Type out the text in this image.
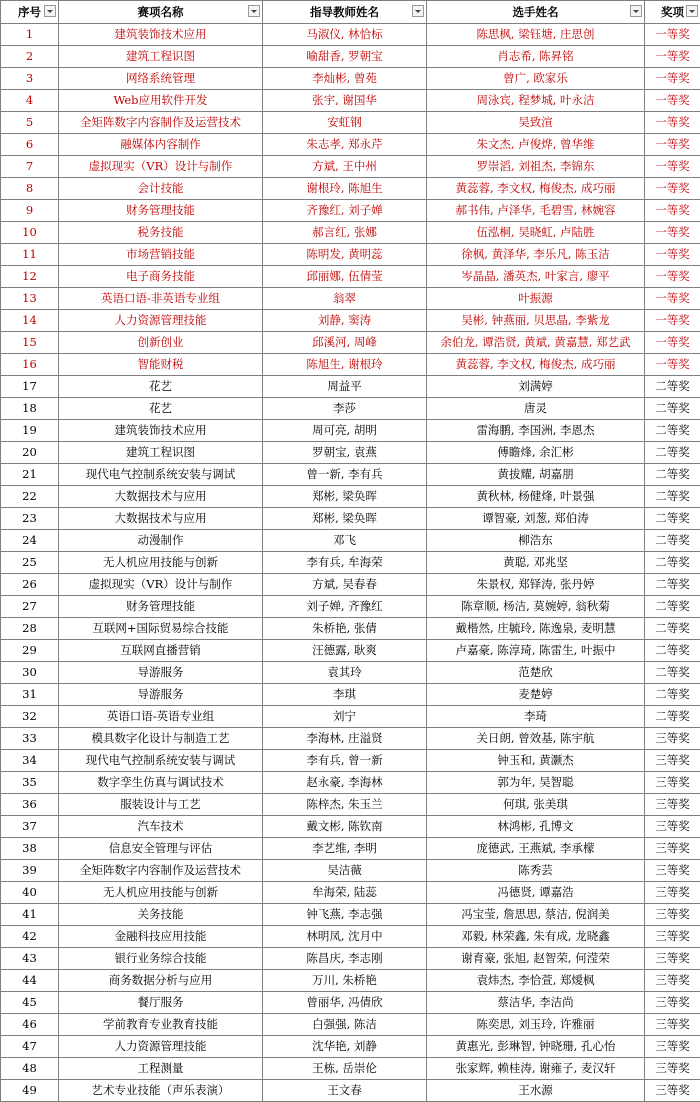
序号	赛项名称	指导教师姓名	选手姓名	奖项

1	建筑装饰技术应用	马淑仪, 林恰标	陈思枫, 梁钰塘, 庄思创	一等奖
2	建筑工程识图	喻甜香, 罗朝宝	肖志希, 陈昇铭	一等奖
3	网络系统管理	李灿彬, 曾苑	曾广, 欧家乐	一等奖
4	Web应用软件开发	张宇, 谢国华	周泳宾, 程梦城, 叶永洁	一等奖
5	全矩阵数字内容制作及运营技术	安虹钢	吴致渲	一等奖
6	融媒体内容制作	朱志孝, 郑永芹	朱文杰, 卢俊烨, 曾华维	一等奖
7	虚拟现实（VR）设计与制作	方斌, 王中州	罗崇滔, 刘祖杰, 李锦东	一等奖
8	会计技能	谢根玲, 陈旭生	黄蕊蓉, 李文权, 梅俊杰, 成巧丽	一等奖
9	财务管理技能	齐豫红, 刘子婵	郝书伟, 卢泽华, 毛碧雪, 林婉容	一等奖
10	税务技能	郝言红, 张娜	伍泓桐, 吴晓虹, 卢陆胜	一等奖
11	市场营销技能	陈明发, 黄明蕊	徐枫, 黄泽华, 李乐凡, 陈玉洁	一等奖
12	电子商务技能	邱丽娜, 伍倩莹	岑晶晶, 潘英杰, 叶家言, 廖平	一等奖
13	英语口语-非英语专业组	翁翠	叶振源	一等奖
14	人力资源管理技能	刘静, 窦涛	吴彬, 钟燕丽, 贝思晶, 李紫龙	一等奖
15	创新创业	邱溪河, 周峰	余伯龙, 谭浩贤, 黄斌, 黄嘉慧, 郑艺武	一等奖
16	智能财税	陈旭生, 谢根玲	黄蕊蓉, 李文权, 梅俊杰, 成巧丽	一等奖
17	花艺	周益平	刘满婷	二等奖
18	花艺	李莎	唐灵	二等奖
19	建筑装饰技术应用	周可亮, 胡明	雷海鹏, 李国洲, 李恩杰	二等奖
20	建筑工程识图	罗朝宝, 袁燕	傅瞻烽, 余汇彬	二等奖
21	现代电气控制系统安装与调试	曾一新, 李有兵	黄拔耀, 胡嘉朋	二等奖
22	大数据技术与应用	郑彬, 梁奂晖	黄秋林, 杨健烽, 叶景强	二等奖
23	大数据技术与应用	郑彬, 梁奂晖	谭智豪, 刘葱, 郑伯涛	二等奖
24	动漫制作	邓飞	柳浩东	二等奖
25	无人机应用技能与创新	李有兵, 牟海荣	黄聪, 邓兆坚	二等奖
26	虚拟现实（VR）设计与制作	方斌, 吴春春	朱景权, 郑铎涛, 张丹婷	二等奖
27	财务管理技能	刘子婵, 齐豫红	陈章顺, 杨洁, 莫婉婷, 翁秋菊	二等奖
28	互联网+国际贸易综合技能	朱桥艳, 张倩	戴楷然, 庄毓玲, 陈逸泉, 麦明慧	二等奖
29	互联网直播营销	汪德露, 耿爽	卢嘉豪, 陈淳琦, 陈雷生, 叶振中	二等奖
30	导游服务	袁其玲	范楚欣	二等奖
31	导游服务	李琪	麦楚婷	二等奖
32	英语口语-英语专业组	刘宁	李琦	二等奖
33	模具数字化设计与制造工艺	李海林, 庄溢贤	关日朗, 曾效基, 陈宇航	三等奖
34	现代电气控制系统安装与调试	李有兵, 曾一新	钟玉和, 黄灏杰	三等奖
35	数字孪生仿真与调试技术	赵永豪, 李海林	郭为年, 吴智聪	三等奖
36	服装设计与工艺	陈梓杰, 朱玉兰	何琪, 张美琪	三等奖
37	汽车技术	戴文彬, 陈钦南	林鸿彬, 孔博文	三等奖
38	信息安全管理与评估	李艺维, 李明	庞德武, 王燕斌, 李承檬	三等奖
39	全矩阵数字内容制作及运营技术	吴洁薇	陈秀芸	三等奖
40	无人机应用技能与创新	牟海荣, 陆蕊	冯德贤, 谭嘉浩	三等奖
41	关务技能	钟飞燕, 李志强	冯宝莹, 詹思思, 蔡洁, 倪润美	三等奖
42	金融科技应用技能	林明凤, 沈月中	邓毅, 林荣鑫, 朱有成, 龙晓鑫	三等奖
43	银行业务综合技能	陈昌庆, 李志刚	谢育豪, 张旭, 赵智荣, 何滢荣	三等奖
44	商务数据分析与应用	万川, 朱桥艳	袁炜杰, 李恰萱, 郑燰枫	三等奖
45	餐厅服务	曾丽华, 冯倩欣	蔡洁华, 李洁尚	三等奖
46	学前教育专业教育技能	白强强, 陈洁	陈奕思, 刘玉玲, 许雅丽	三等奖
47	人力资源管理技能	沈华艳, 刘静	黄惠光, 彭琳智, 钟晓珊, 孔心怡	三等奖
48	工程测量	王栋, 岳崇伦	张家辉, 赖桂涛, 谢雍子, 麦汉轩	三等奖
49	艺术专业技能（声乐表演）	王文春	王水源	三等奖
